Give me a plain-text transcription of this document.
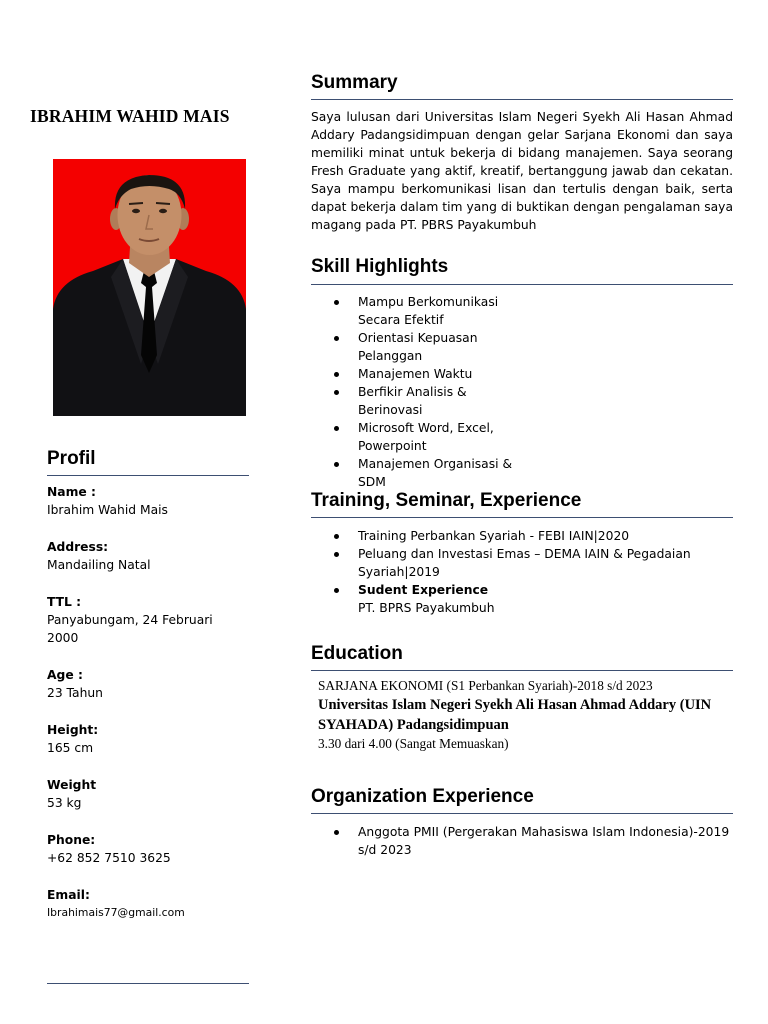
IBRAHIM WAHID MAIS
Profil
Name :
Ibrahim Wahid Mais
Address:
Mandailing Natal
TTL :
Panyabungam, 24 Februari 2000
Age :
23 Tahun
Height:
165 cm
Weight
53 kg
Phone:
+62 852 7510 3625
Email:
Ibrahimais77@gmail.com
Summary
Saya lulusan dari Universitas Islam Negeri Syekh Ali Hasan Ahmad Addary Padangsidimpuan dengan gelar Sarjana Ekonomi dan saya memiliki minat untuk bekerja di bidang manajemen. Saya seorang Fresh Graduate yang aktif, kreatif, bertanggung jawab dan cekatan. Saya mampu berkomunikasi lisan dan tertulis dengan baik, serta dapat bekerja dalam tim yang di buktikan dengan pengalaman saya magang pada PT. PBRS Payakumbuh
Skill Highlights
Mampu Berkomunikasi Secara Efektif
Orientasi Kepuasan Pelanggan
Manajemen Waktu
Berfikir Analisis & Berinovasi
Microsoft Word, Excel, Powerpoint
Manajemen Organisasi & SDM
Training, Seminar, Experience
Training Perbankan Syariah - FEBI IAIN|2020
Peluang dan Investasi Emas – DEMA IAIN & Pegadaian Syariah|2019
Sudent Experience
PT. BPRS Payakumbuh
Education
SARJANA EKONOMI (S1 Perbankan Syariah)-2018 s/d 2023
Universitas Islam Negeri Syekh Ali Hasan Ahmad Addary (UIN SYAHADA) Padangsidimpuan
3.30 dari 4.00 (Sangat Memuaskan)
Organization Experience
Anggota PMII (Pergerakan Mahasiswa Islam Indonesia)-2019 s/d 2023
